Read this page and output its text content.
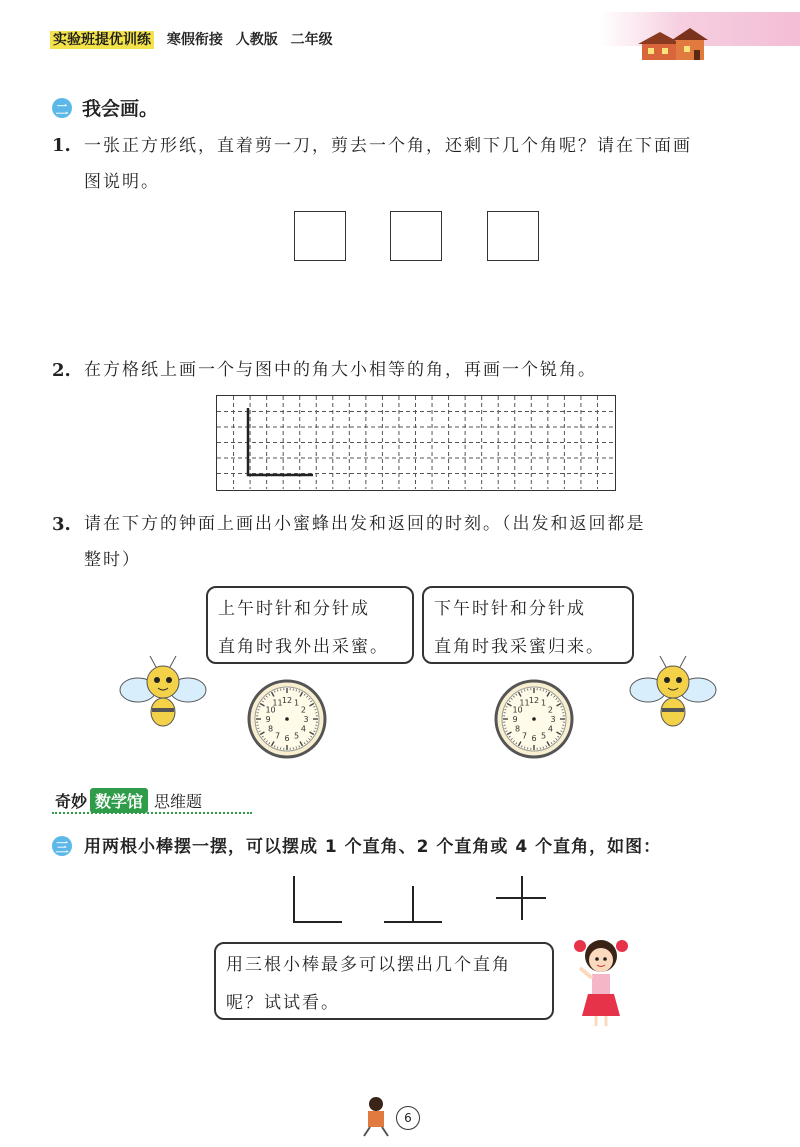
实验班提优训练 寒假衔接 人教版 二年级
二 我会画。
1. 一张正方形纸，直着剪一刀，剪去一个角，还剩下几个角呢？请在下面画
图说明。
2. 在方格纸上画一个与图中的角大小相等的角，再画一个锐角。
3. 请在下方的钟面上画出小蜜蜂出发和返回的时刻。（出发和返回都是
整时）
上午时针和分针成
直角时我外出采蜜。
下午时针和分针成
直角时我采蜜归来。
12 1
2
3
4
5
6
7
8
9
10
11	12 1
2
3
4
5
6
7
8
9
10
11
奇妙 数学馆 思维题
三 用两根小棒摆一摆，可以摆成 1 个直角、2 个直角或 4 个直角，如图：
用三根小棒最多可以摆出几个直角
呢？试试看。
6
